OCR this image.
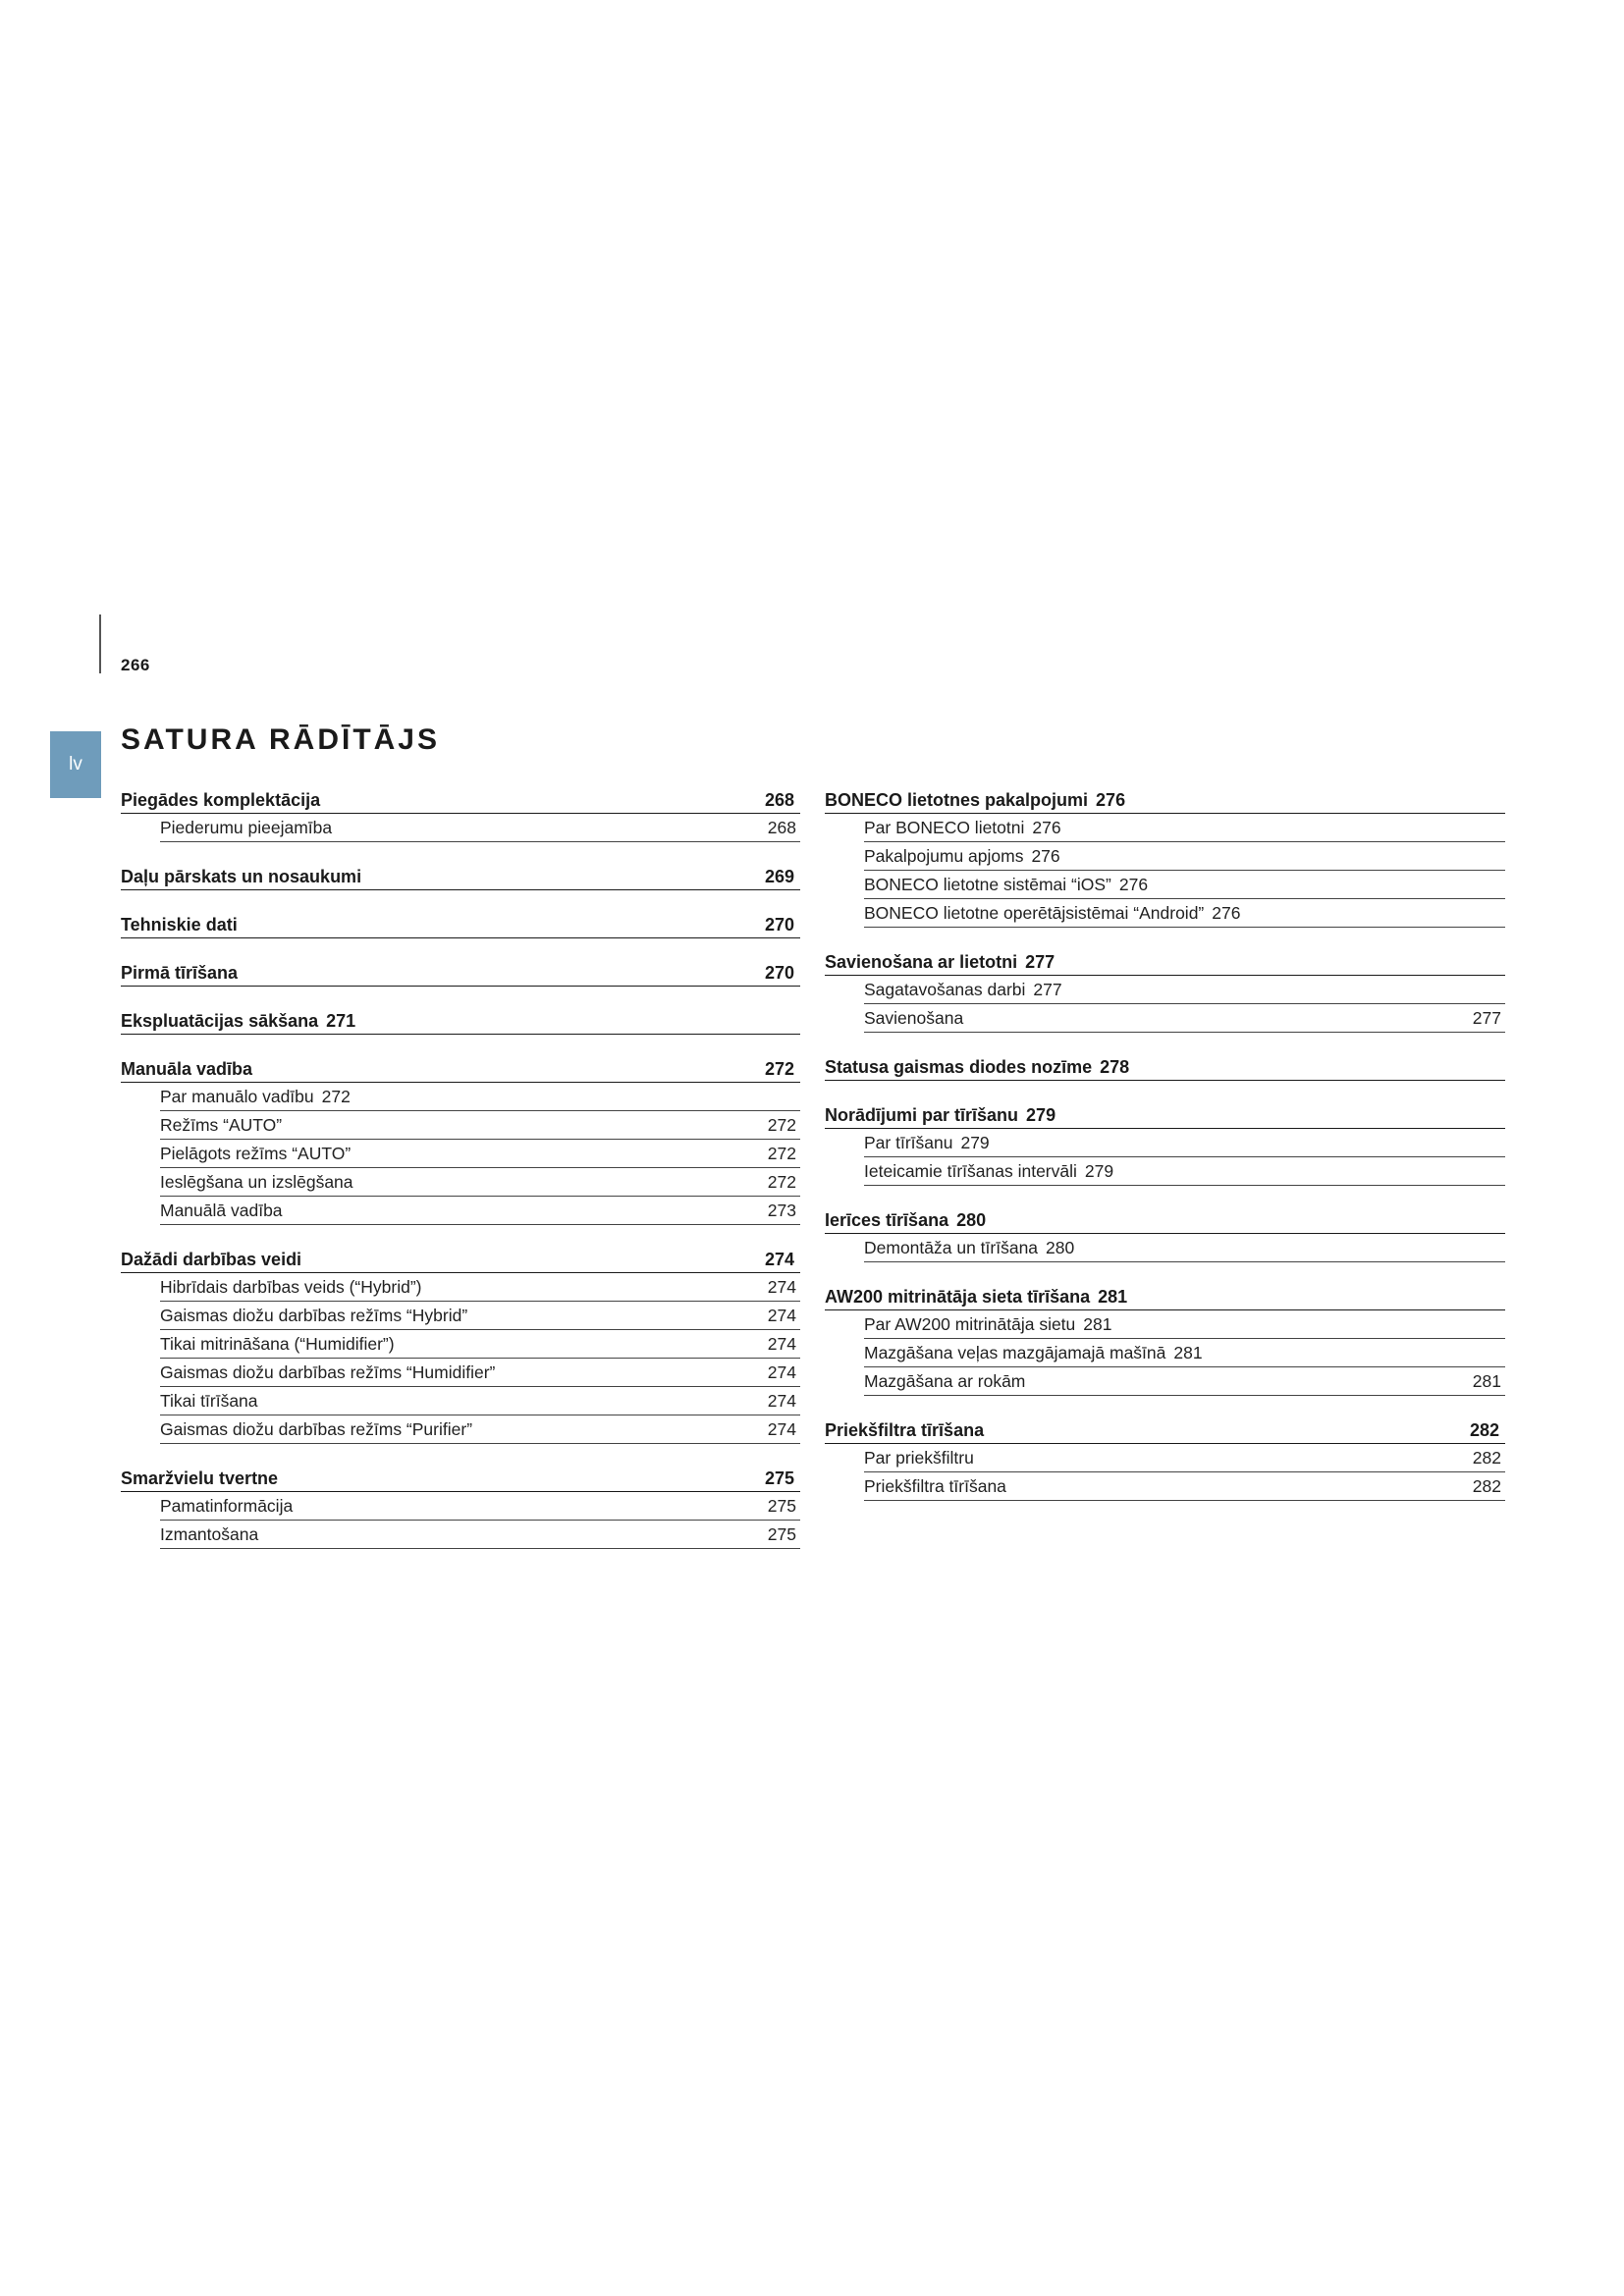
266
lv
SATURA RĀDĪTĀJS
Piegādes komplektācija	268
Piederumu pieejamība	268
Daļu pārskats un nosaukumi	269
Tehniskie dati	270
Pirmā tīrīšana	270
Ekspluatācijas sākšana 271
Manuāla vadība	272
Par manuālo vadību 272
Režīms “AUTO”	272
Pielāgots režīms “AUTO”	272
Ieslēgšana un izslēgšana	272
Manuālā vadība	273
Dažādi darbības veidi	274
Hibrīdais darbības veids (“Hybrid”)	274
Gaismas diožu darbības režīms “Hybrid”	274
Tikai mitrināšana (“Humidifier”)	274
Gaismas diožu darbības režīms “Humidifier”	274
Tikai tīrīšana	274
Gaismas diožu darbības režīms “Purifier”	274
Smaržvielu tvertne	275
Pamatinformācija	275
Izmantošana	275
BONECO lietotnes pakalpojumi 276
Par BONECO lietotni 276
Pakalpojumu apjoms 276
BONECO lietotne sistēmai “iOS” 276
BONECO lietotne operētājsistēmai “Android” 276
Savienošana ar lietotni 277
Sagatavošanas darbi 277
Savienošana	277
Statusa gaismas diodes nozīme 278
Norādījumi par tīrīšanu 279
Par tīrīšanu 279
Ieteicamie tīrīšanas intervāli 279
Ierīces tīrīšana 280
Demontāža un tīrīšana 280
AW200 mitrinātāja sieta tīrīšana 281
Par AW200 mitrinātāja sietu 281
Mazgāšana veļas mazgājamajā mašīnā 281
Mazgāšana ar rokām	281
Priekšfiltra tīrīšana	282
Par priekšfiltru	282
Priekšfiltra tīrīšana	282
